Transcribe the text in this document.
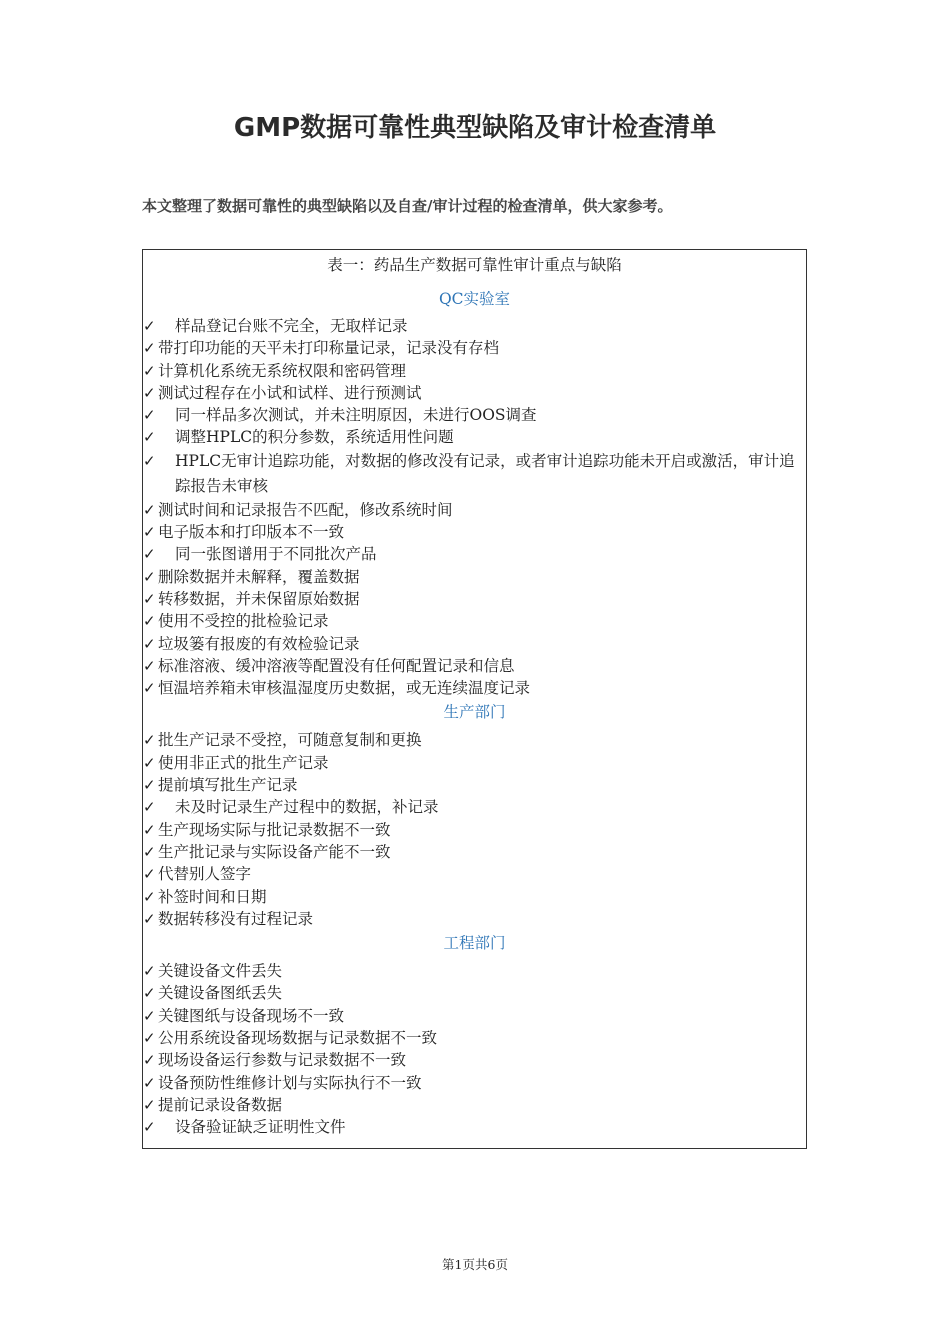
GMP数据可靠性典型缺陷及审计检查清单

本文整理了数据可靠性的典型缺陷以及自查/审计过程的检查清单，供大家参考。

表一：药品生产数据可靠性审计重点与缺陷
QC实验室
✓	样品登记台账不完全，无取样记录
✓ 带打印功能的天平未打印称量记录，记录没有存档
✓ 计算机化系统无系统权限和密码管理
✓ 测试过程存在小试和试样、进行预测试
✓	同一样品多次测试，并未注明原因，未进行OOS调查
✓	调整HPLC的积分参数，系统适用性问题
✓	HPLC无审计追踪功能，对数据的修改没有记录，或者审计追踪功能未开启或激活，审计追踪报告未审核
✓ 测试时间和记录报告不匹配，修改系统时间
✓ 电子版本和打印版本不一致
✓	同一张图谱用于不同批次产品
✓ 删除数据并未解释，覆盖数据
✓ 转移数据，并未保留原始数据
✓ 使用不受控的批检验记录
✓ 垃圾篓有报废的有效检验记录
✓ 标准溶液、缓冲溶液等配置没有任何配置记录和信息
✓ 恒温培养箱未审核温湿度历史数据，或无连续温度记录
生产部门
✓ 批生产记录不受控，可随意复制和更换
✓ 使用非正式的批生产记录
✓ 提前填写批生产记录
✓	未及时记录生产过程中的数据，补记录
✓ 生产现场实际与批记录数据不一致
✓ 生产批记录与实际设备产能不一致
✓ 代替别人签字
✓ 补签时间和日期
✓ 数据转移没有过程记录
工程部门
✓ 关键设备文件丢失
✓ 关键设备图纸丢失
✓ 关键图纸与设备现场不一致
✓ 公用系统设备现场数据与记录数据不一致
✓ 现场设备运行参数与记录数据不一致
✓ 设备预防性维修计划与实际执行不一致
✓ 提前记录设备数据
✓	设备验证缺乏证明性文件
第1页共6页
